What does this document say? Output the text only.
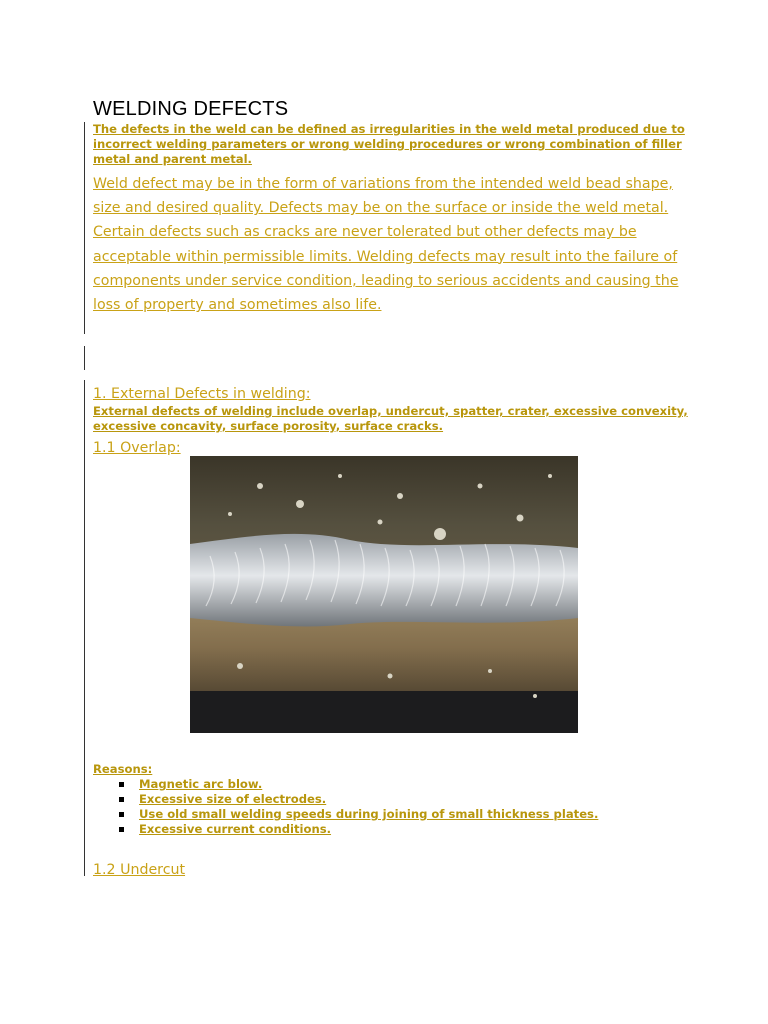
WELDING DEFECTS
The defects in the weld can be defined as irregularities in the weld metal produced due to incorrect welding parameters or wrong welding procedures or wrong combination of filler metal and parent metal.
Weld defect may be in the form of variations from the intended weld bead shape, size and desired quality. Defects may be on the surface or inside the weld metal. Certain defects such as cracks are never tolerated but other defects may be acceptable within permissible limits. Welding defects may result into the failure of components under service condition, leading to serious accidents and causing the loss of property and sometimes also life.
1. External Defects in welding:
External defects of welding include overlap, undercut, spatter, crater, excessive convexity, excessive concavity, surface porosity, surface cracks.
1.1 Overlap:
Reasons:
Magnetic arc blow.
Excessive size of electrodes.
Use old small welding speeds during joining of small thickness plates.
Excessive current conditions.
1.2 Undercut
